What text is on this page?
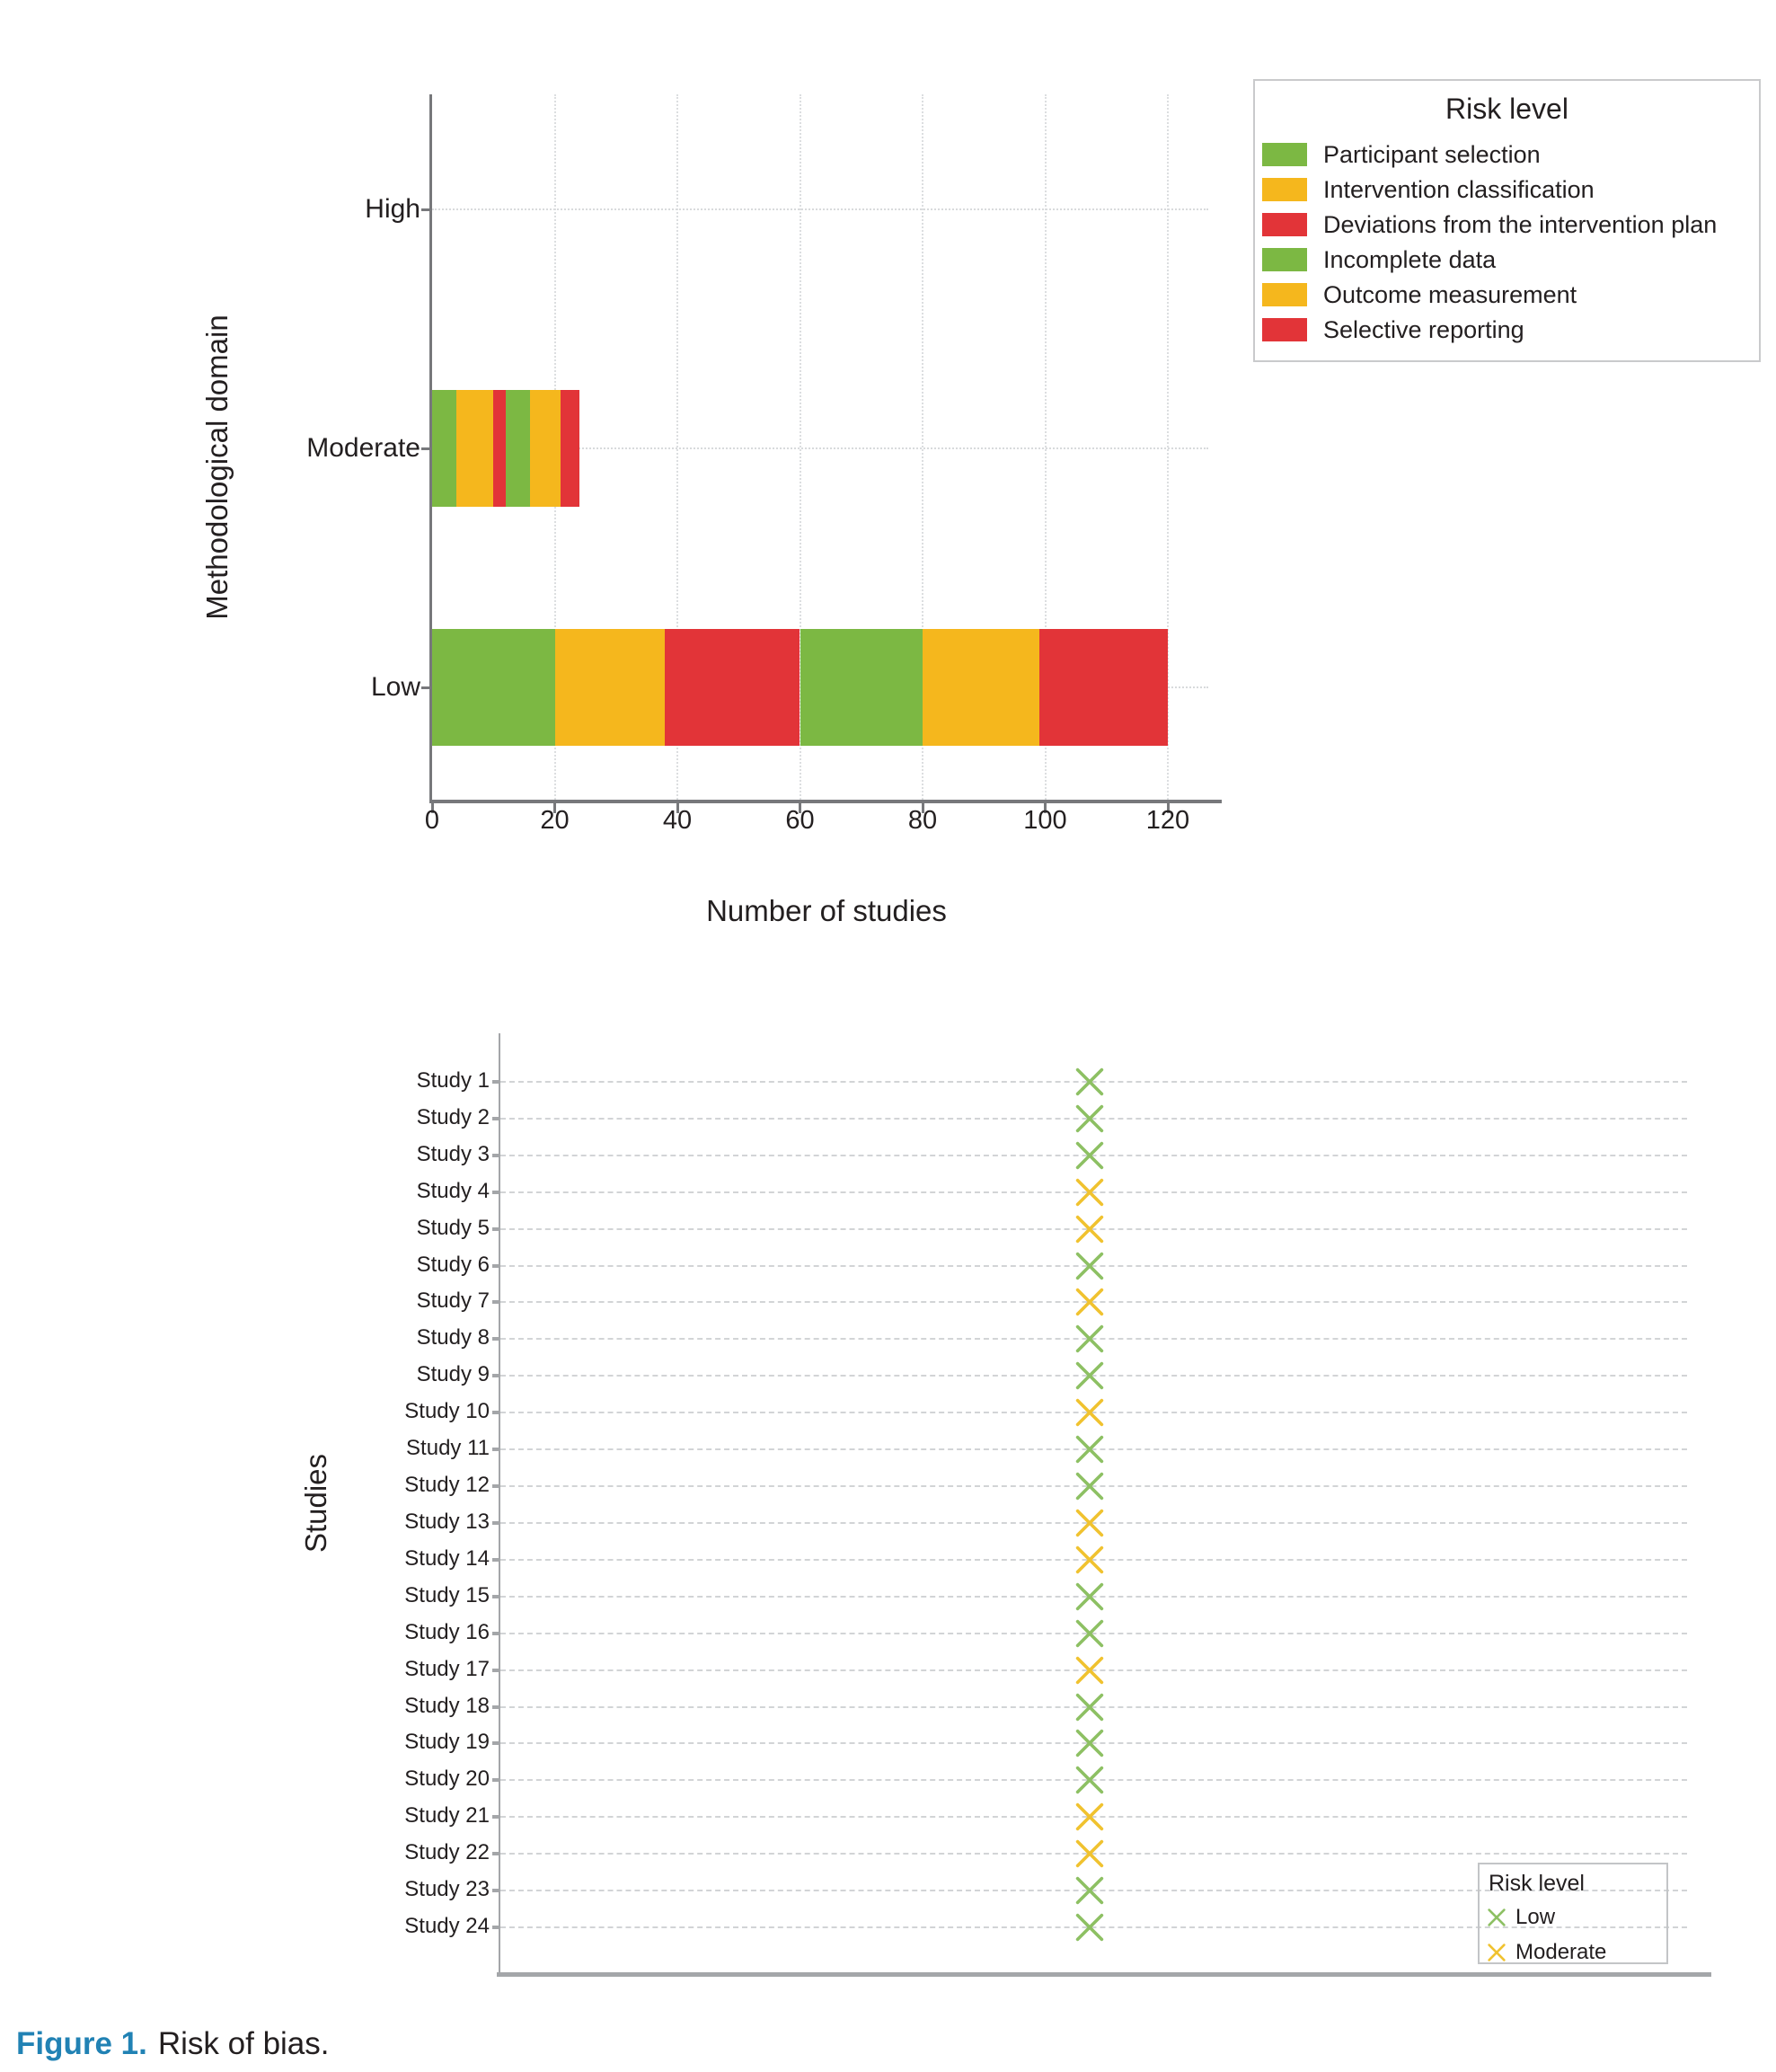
0	20	40	60	80	100	120
High
Moderate
Low
Methodological domain
Number of studies
Risk level
Participant selection
Intervention classification
Deviations from the intervention plan
Incomplete data
Outcome measurement
Selective reporting
Study 1
Study 2
Study 3
Study 4
Study 5
Study 6
Study 7
Study 8
Study 9
Study 10
Study 11
Study 12
Study 13
Study 14
Study 15
Study 16
Study 17
Study 18
Study 19
Study 20
Study 21
Study 22
Study 23
Study 24
Studies
Risk level
Low
Moderate
Figure 1. Risk of bias.
